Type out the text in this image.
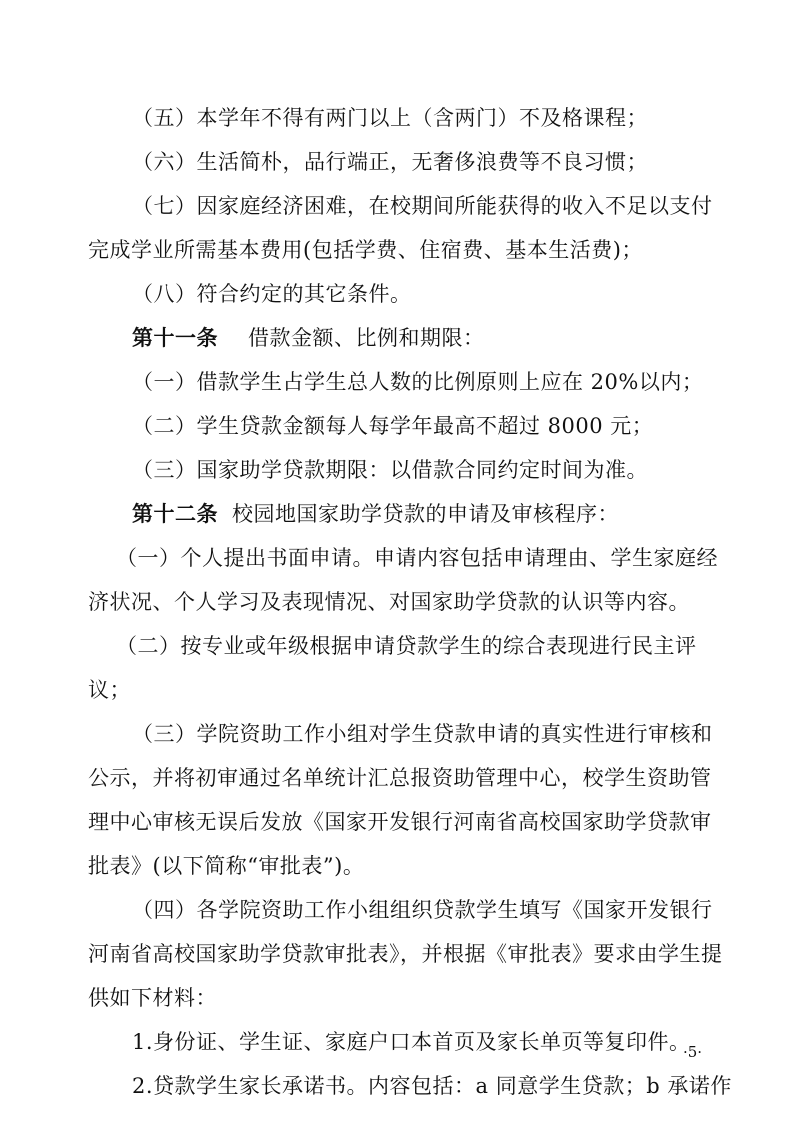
（五）本学年不得有两门以上（含两门）不及格课程；
（六）生活简朴，品行端正，无奢侈浪费等不良习惯；
（七）因家庭经济困难，在校期间所能获得的收入不足以支付
完成学业所需基本费用(包括学费、住宿费、基本生活费)；
（八）符合约定的其它条件。
第十一条 借款金额、比例和期限：
（一）借款学生占学生总人数的比例原则上应在 20%以内；
（二）学生贷款金额每人每学年最高不超过 8000 元；
（三）国家助学贷款期限：以借款合同约定时间为准。
第十二条 校园地国家助学贷款的申请及审核程序：
（一）个人提出书面申请。申请内容包括申请理由、学生家庭经
济状况、个人学习及表现情况、对国家助学贷款的认识等内容。
（二）按专业或年级根据申请贷款学生的综合表现进行民主评
议；
（三）学院资助工作小组对学生贷款申请的真实性进行审核和
公示，并将初审通过名单统计汇总报资助管理中心，校学生资助管
理中心审核无误后发放《国家开发银行河南省高校国家助学贷款审
批表》(以下简称“审批表”)。
（四）各学院资助工作小组组织贷款学生填写《国家开发银行
河南省高校国家助学贷款审批表》，并根据《审批表》要求由学生提
供如下材料：
·5·
1.身份证、学生证、家庭户口本首页及家长单页等复印件。
2.贷款学生家长承诺书。内容包括：a 同意学生贷款；b 承诺作
